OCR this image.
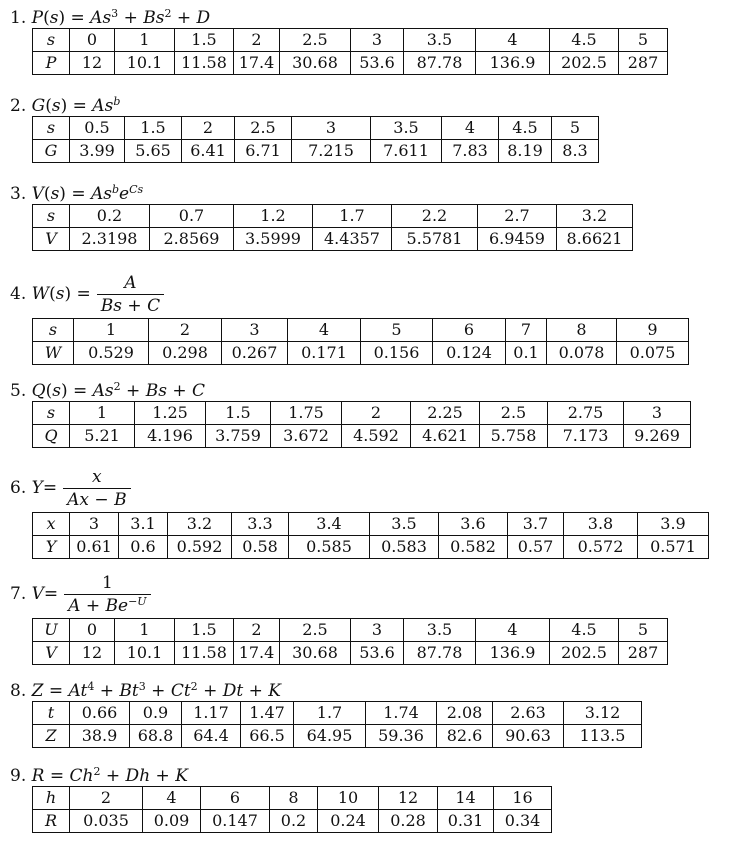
1. $P(s) = As^3 + Bs^2 + D$
s	0	1	1.5	2	2.5	3	3.5	4	4.5	5
P	12	10.1	11.58	17.4	30.68	53.6	87.78	136.9	202.5	287
2. $G(s) = As^b$
s	0.5	1.5	2	2.5	3	3.5	4	4.5	5
G	3.99	5.65	6.41	6.71	7.215	7.611	7.83	8.19	8.3
3. $V(s) = As^be^{Cs}$
s	0.2	0.7	1.2	1.7	2.2	2.7	3.2
V	2.3198	2.8569	3.5999	4.4357	5.5781	6.9459	8.6621
4.
W ( s ) = $\frac{A}{Bs + C}$
s	1	2	3	4	5	6	7	8	9
W	0.529	0.298	0.267	0.171	0.156	0.124	0.1	0.078	0.075
5. $Q(s) = As^2 + Bs + C$
s	1	1.25	1.5	1.75	2	2.25	2.5	2.75	3
Q	5.21	4.196	3.759	3.672	4.592	4.621	5.758	7.173	9.269
6.
$Y = \frac{x}{Ax - B}$
x	3	3.1	3.2	3.3	3.4	3.5	3.6	3.7	3.8	3.9
Y	0.61	0.6	0.592	0.58	0.585	0.583	0.582	0.57	0.572	0.571
7.
$V = \frac{1}{A + Be^{-U}}$
U	0	1	1.5	2	2.5	3	3.5	4	4.5	5
V	12	10.1	11.58	17.4	30.68	53.6	87.78	136.9	202.5	287
8. $Z = At^4 + Bt^3 + Ct^2 + Dt + K$
t	0.66	0.9	1.17	1.47	1.7	1.74	2.08	2.63	3.12
Z	38.9	68.8	64.4	66.5	64.95	59.36	82.6	90.63	113.5
9. $R = Ch^2 + Dh + K$
h	2	4	6	8	10	12	14	16
R	0.035	0.09	0.147	0.2	0.24	0.28	0.31	0.34
